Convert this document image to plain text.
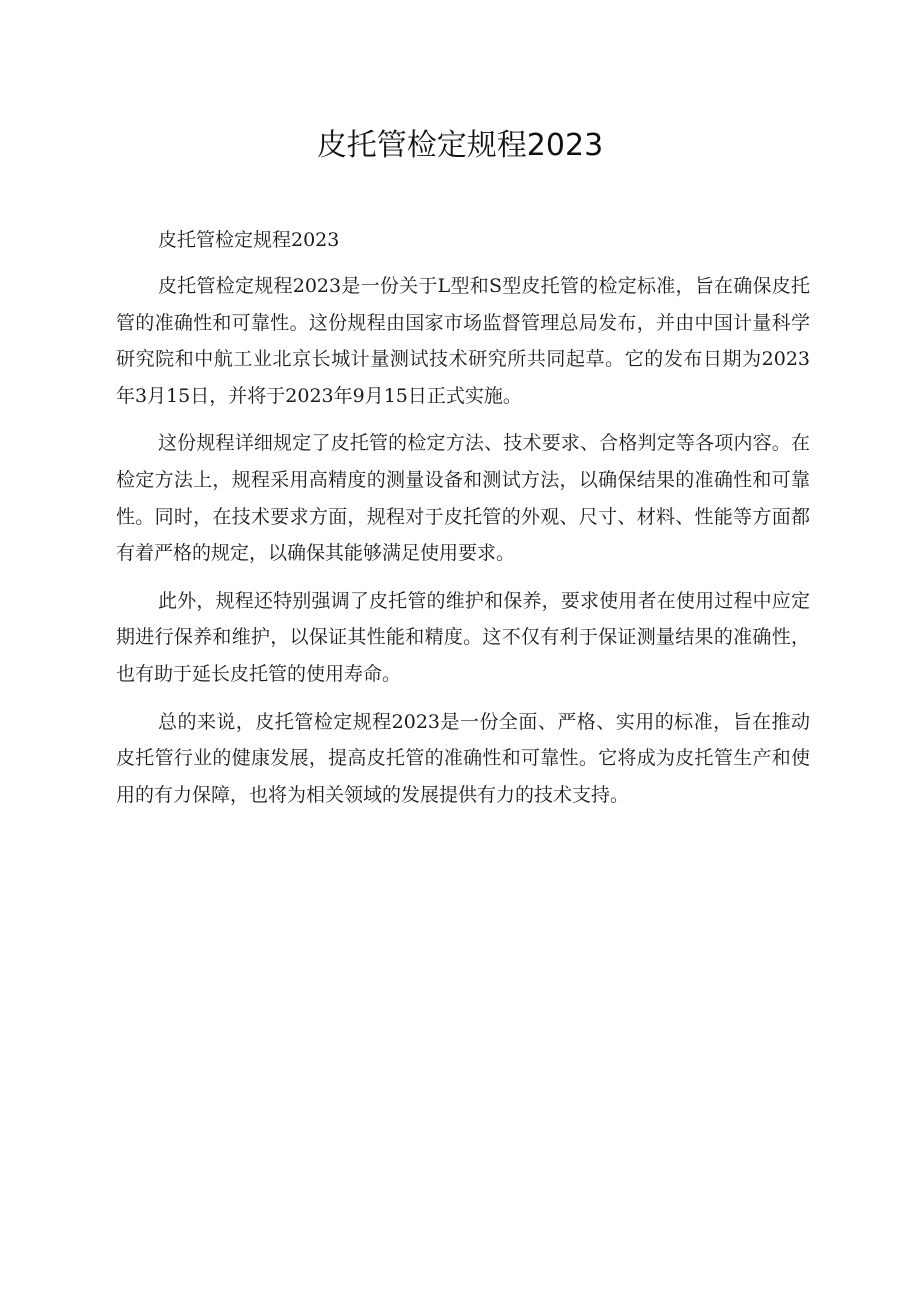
皮托管检定规程2023

皮托管检定规程2023

皮托管检定规程2023是一份关于L型和S型皮托管的检定标准，旨在确保皮托管的准确性和可靠性。这份规程由国家市场监督管理总局发布，并由中国计量科学研究院和中航工业北京长城计量测试技术研究所共同起草。它的发布日期为2023年3月15日，并将于2023年9月15日正式实施。

这份规程详细规定了皮托管的检定方法、技术要求、合格判定等各项内容。在检定方法上，规程采用高精度的测量设备和测试方法，以确保结果的准确性和可靠性。同时，在技术要求方面，规程对于皮托管的外观、尺寸、材料、性能等方面都有着严格的规定，以确保其能够满足使用要求。

此外，规程还特别强调了皮托管的维护和保养，要求使用者在使用过程中应定期进行保养和维护，以保证其性能和精度。这不仅有利于保证测量结果的准确性，也有助于延长皮托管的使用寿命。

总的来说，皮托管检定规程2023是一份全面、严格、实用的标准，旨在推动皮托管行业的健康发展，提高皮托管的准确性和可靠性。它将成为皮托管生产和使用的有力保障，也将为相关领域的发展提供有力的技术支持。
